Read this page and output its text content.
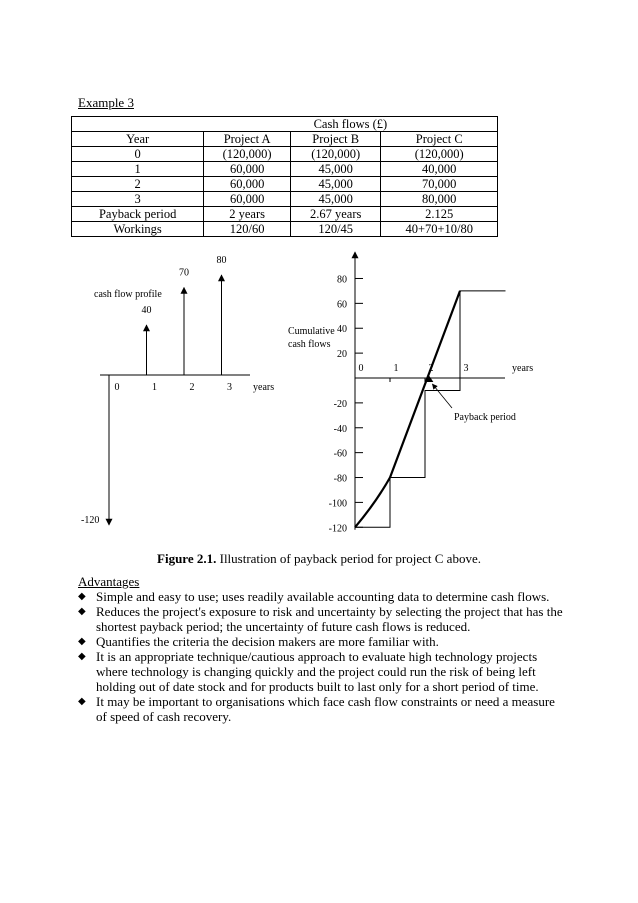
Example 3
	Cash flows (£)		
Year	Project A	Project B	Project C
0	(120,000)	(120,000)	(120,000)
1	60,000	45,000	40,000
2	60,000	45,000	70,000
3	60,000	45,000	80,000
Payback period	2 years	2.67 years	2.125
Workings	120/60	120/45	40+70+10/80
years
cash flow profile
0
-120
1
40
2
70
3
80
years
Cumulative
cash flows
80
60
40
20
-20
-40
-60
-80
-100
-120
0	1	2	3
Payback period
Figure 2.1. Illustration of payback period for project C above.
Advantages
◆ Simple and easy to use; uses readily available accounting data to determine cash flows.
◆ Reduces the project's exposure to risk and uncertainty by selecting the project that has the shortest payback period; the uncertainty of future cash flows is reduced.
◆ Quantifies the criteria the decision makers are more familiar with.
◆ It is an appropriate technique/cautious approach to evaluate high technology projects where technology is changing quickly and the project could run the risk of being left holding out of date stock and for products built to last only for a short period of time.
◆ It may be important to organisations which face cash flow constraints or need a measure of speed of cash recovery.
